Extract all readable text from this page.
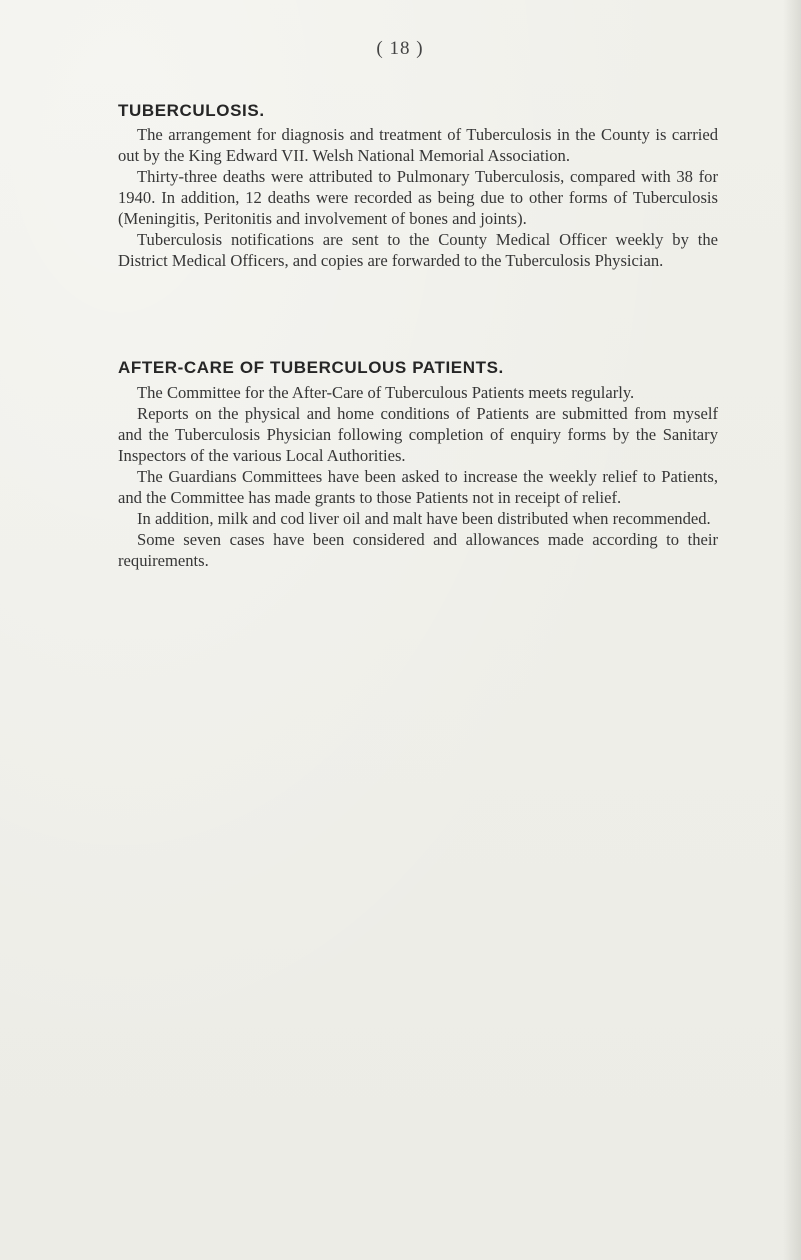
( 18 )
TUBERCULOSIS.

The arrangement for diagnosis and treatment of Tuberculosis in the County is carried out by the King Edward VII. Welsh National Memorial Association.

Thirty-three deaths were attributed to Pulmonary Tuberculosis, compared with 38 for 1940. In addition, 12 deaths were recorded as being due to other forms of Tuberculosis (Meningitis, Peritonitis and involvement of bones and joints).

Tuberculosis notifications are sent to the County Medical Officer weekly by the District Medical Officers, and copies are forwarded to the Tuberculosis Physician.

AFTER-CARE OF TUBERCULOUS PATIENTS.

The Committee for the After-Care of Tuberculous Patients meets regularly.

Reports on the physical and home conditions of Patients are submitted from myself and the Tuberculosis Physician following completion of enquiry forms by the Sanitary Inspectors of the various Local Authorities.

The Guardians Committees have been asked to increase the weekly relief to Patients, and the Committee has made grants to those Patients not in receipt of relief.

In addition, milk and cod liver oil and malt have been distributed when recommended.

Some seven cases have been considered and allowances made according to their requirements.
